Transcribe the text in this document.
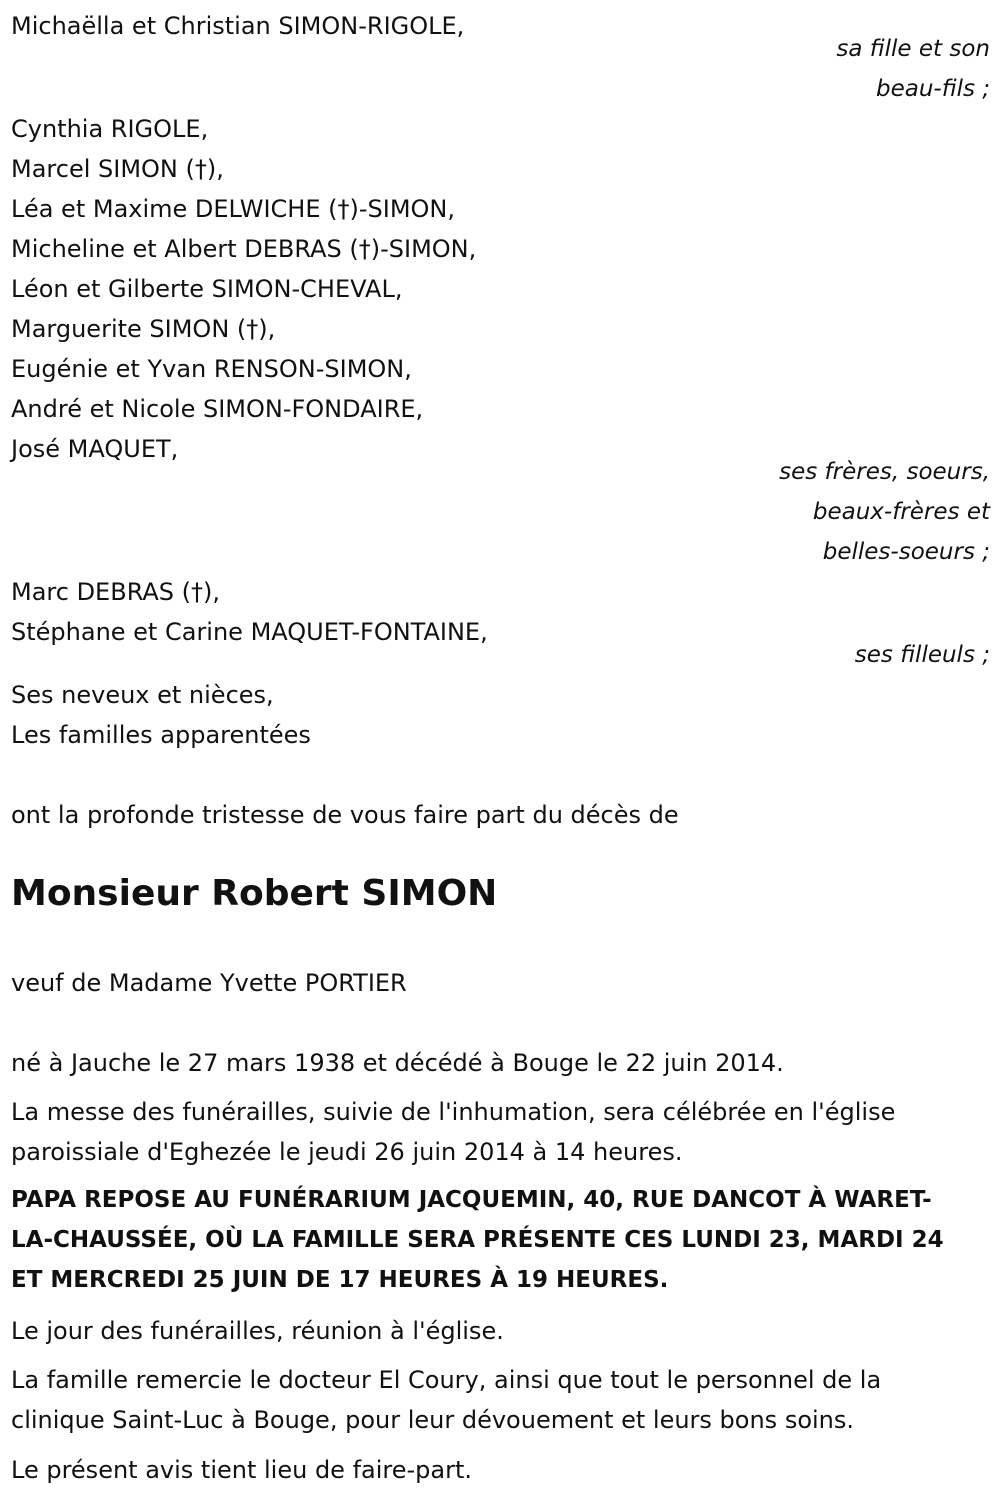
Michaëlla et Christian SIMON-RIGOLE,
sa fille et son
beau-fils ;
Cynthia RIGOLE,
Marcel SIMON (†),
Léa et Maxime DELWICHE (†)-SIMON,
Micheline et Albert DEBRAS (†)-SIMON,
Léon et Gilberte SIMON-CHEVAL,
Marguerite SIMON (†),
Eugénie et Yvan RENSON-SIMON,
André et Nicole SIMON-FONDAIRE,
José MAQUET,
ses frères, soeurs,
beaux-frères et
belles-soeurs ;
Marc DEBRAS (†),
Stéphane et Carine MAQUET-FONTAINE,
ses filleuls ;
Ses neveux et nièces,
Les familles apparentées
ont la profonde tristesse de vous faire part du décès de
Monsieur Robert SIMON
veuf de Madame Yvette PORTIER
né à Jauche le 27 mars 1938 et décédé à Bouge le 22 juin 2014.
La messe des funérailles, suivie de l'inhumation, sera célébrée en l'église
paroissiale d'Eghezée le jeudi 26 juin 2014 à 14 heures.
PAPA REPOSE AU FUNÉRARIUM JACQUEMIN, 40, RUE DANCOT À WARET-
LA-CHAUSSÉE, OÙ LA FAMILLE SERA PRÉSENTE CES LUNDI 23, MARDI 24
ET MERCREDI 25 JUIN DE 17 HEURES À 19 HEURES.
Le jour des funérailles, réunion à l'église.
La famille remercie le docteur El Coury, ainsi que tout le personnel de la
clinique Saint-Luc à Bouge, pour leur dévouement et leurs bons soins.
Le présent avis tient lieu de faire-part.
